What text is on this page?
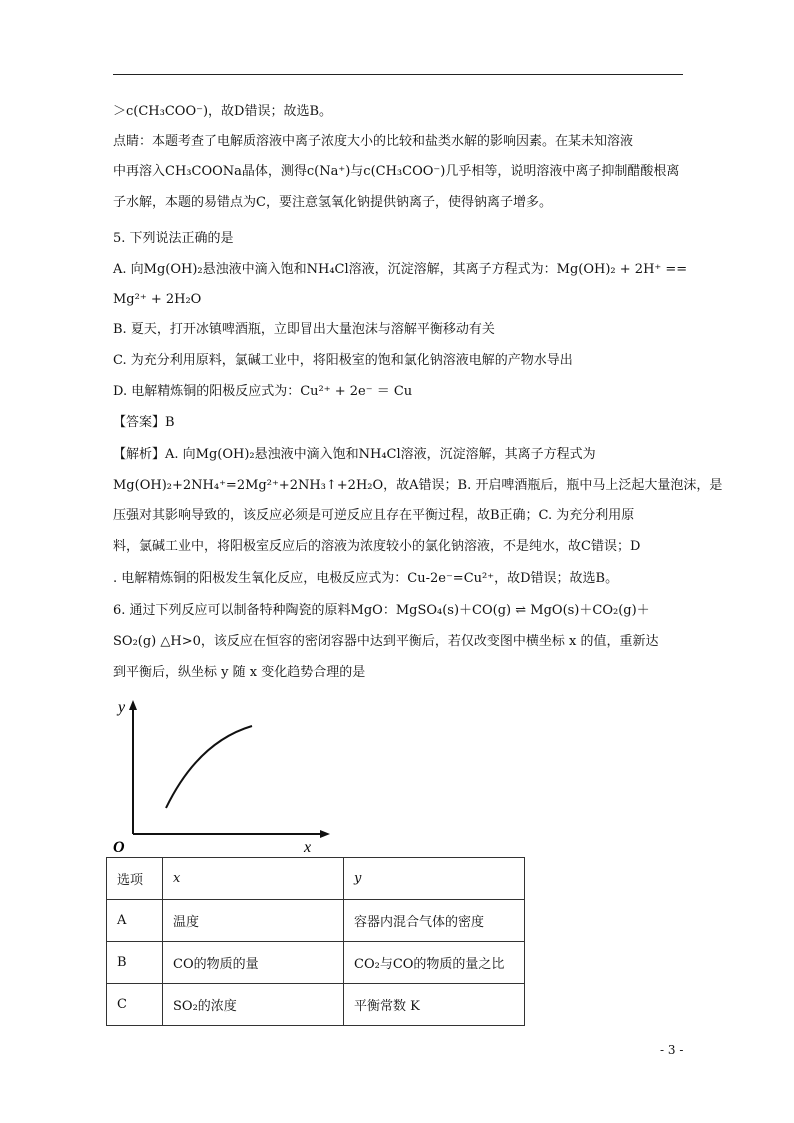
＞c(CH₃COO⁻)，故D错误；故选B。
点睛：本题考查了电解质溶液中离子浓度大小的比较和盐类水解的影响因素。在某未知溶液
中再溶入CH₃COONa晶体，测得c(Na⁺)与c(CH₃COO⁻)几乎相等，说明溶液中离子抑制醋酸根离
子水解，本题的易错点为C，要注意氢氧化钠提供钠离子，使得钠离子增多。
5. 下列说法正确的是
A. 向Mg(OH)₂悬浊液中滴入饱和NH₄Cl溶液，沉淀溶解，其离子方程式为：Mg(OH)₂ + 2H⁺ ==
Mg²⁺ + 2H₂O
B. 夏天，打开冰镇啤酒瓶，立即冒出大量泡沫与溶解平衡移动有关
C. 为充分利用原料，氯碱工业中，将阳极室的饱和氯化钠溶液电解的产物水导出
D. 电解精炼铜的阳极反应式为：Cu²⁺ + 2e⁻ ＝ Cu
【答案】B
【解析】A. 向Mg(OH)₂悬浊液中滴入饱和NH₄Cl溶液，沉淀溶解，其离子方程式为
Mg(OH)₂+2NH₄⁺=2Mg²⁺+2NH₃↑+2H₂O，故A错误；B. 开启啤酒瓶后，瓶中马上泛起大量泡沫，是
压强对其影响导致的，该反应必须是可逆反应且存在平衡过程，故B正确；C. 为充分利用原
料，氯碱工业中，将阳极室反应后的溶液为浓度较小的氯化钠溶液，不是纯水，故C错误；D
. 电解精炼铜的阳极发生氧化反应，电极反应式为：Cu-2e⁻=Cu²⁺，故D错误；故选B。
6. 通过下列反应可以制备特种陶瓷的原料MgO：MgSO₄(s)＋CO(g) ⇌ MgO(s)＋CO₂(g)＋
SO₂(g) △H>0，该反应在恒容的密闭容器中达到平衡后，若仅改变图中横坐标 x 的值，重新达
到平衡后，纵坐标 y 随 x 变化趋势合理的是
y
x
O
选项	x	y
A	温度	容器内混合气体的密度
B	CO的物质的量	CO₂与CO的物质的量之比
C	SO₂的浓度	平衡常数 K
- 3 -
